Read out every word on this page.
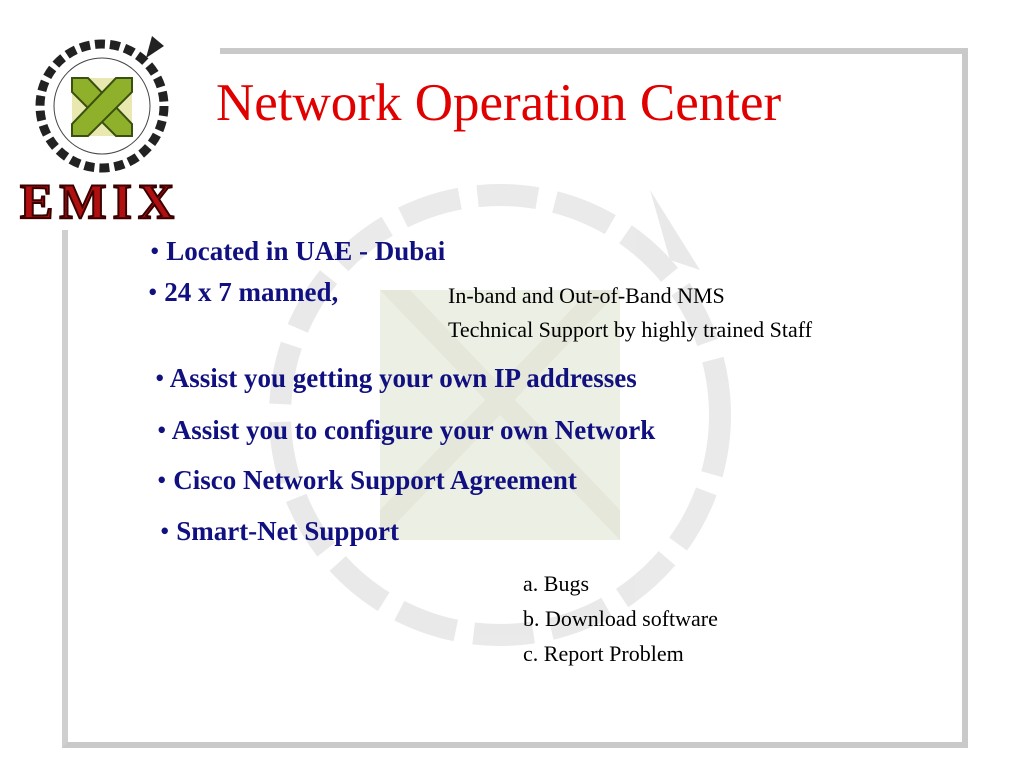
EMIX
Network Operation Center
• Located in UAE - Dubai
• 24 x 7 manned,	In-band and Out-of-Band NMS
Technical Support by highly trained Staff
• Assist you getting your own IP addresses
• Assist you to configure your own Network
• Cisco Network Support Agreement
• Smart-Net Support
a. Bugs
b. Download software
c. Report Problem
